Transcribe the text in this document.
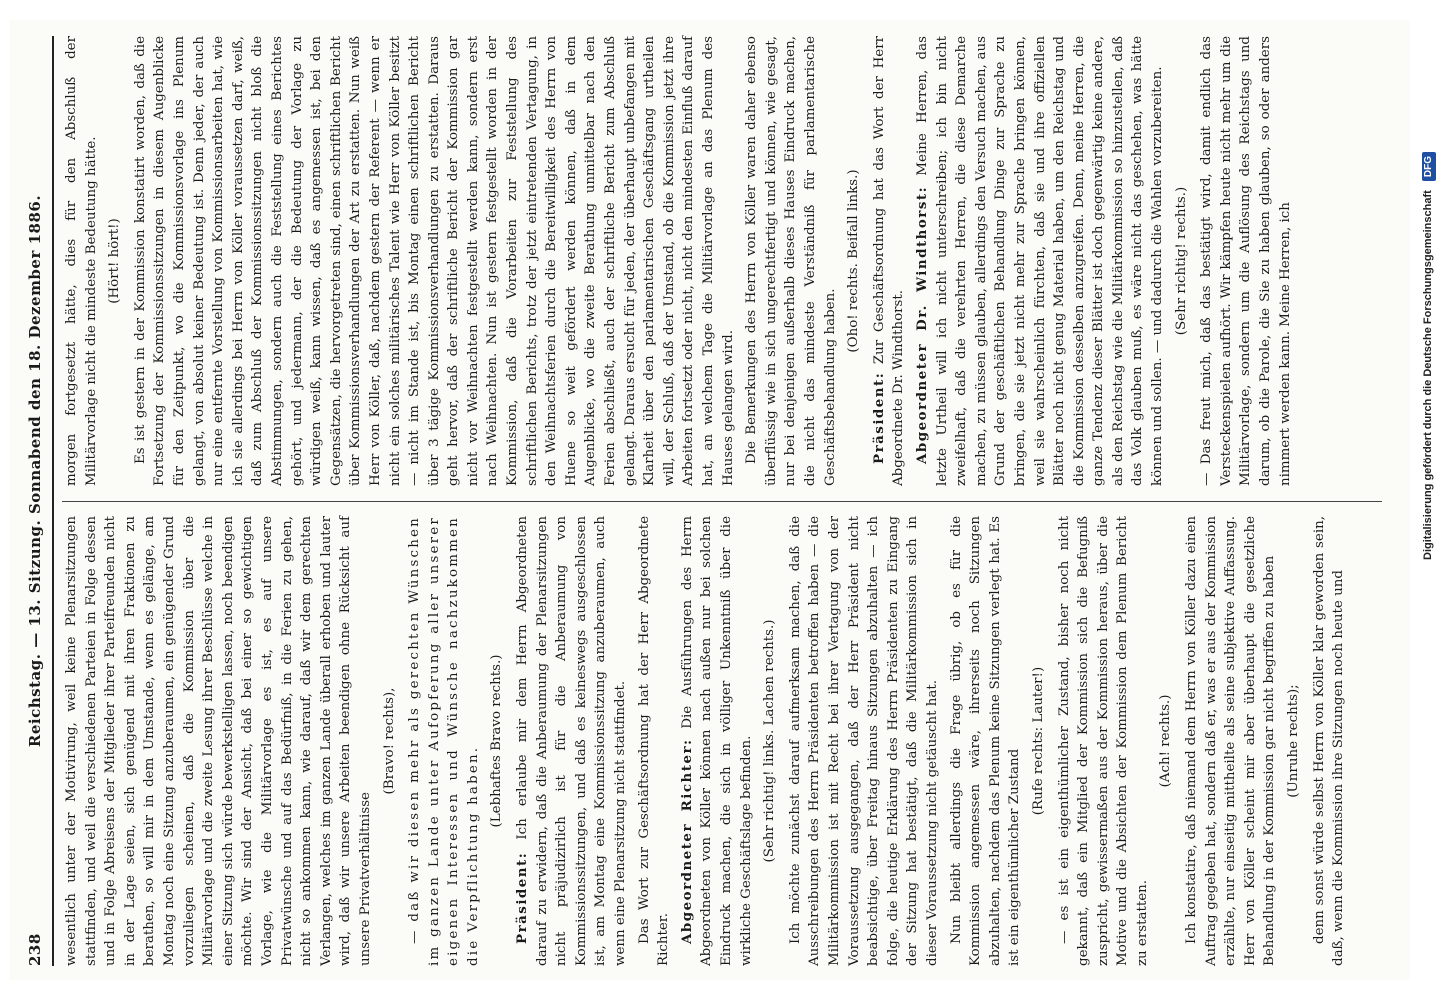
238
Reichstag. — 13. Sitzung. Sonnabend den 18. Dezember 1886. wesentlich unter der Motivirung, weil keine Plenarsitzungen stattfinden, und weil die verschiedenen Parteien in Folge dessen und in Folge Abreisens der Mitglieder ihrer Parteifreunden nicht in der Lage seien, sich genügend mit ihren Fraktionen zu berathen, so will mir in dem Umstande, wenn es gelänge, am Montag noch eine Sitzung anzuberaumen, ein genügender Grund vorzuliegen scheinen, daß die Kommission über die Militärvorlage und die zweite Lesung ihrer Beschlüsse welche in einer Sitzung sich würde bewerkstelligen lassen, noch beendigen möchte. Wir sind der Ansicht, daß bei einer so gewichtigen Vorlage, wie die Militärvorlage es ist, es auf unsere Privatwünsche und auf das Bedürfniß, in die Ferien zu gehen, nicht so ankommen kann, wie darauf, daß wir dem gerechten Verlangen, welches im ganzen Lande überall erhoben und lauter wird, daß wir unsere Arbeiten beendigen ohne Rücksicht auf unsere Privatverhältnisse

(Bravo! rechts), — daß wir diesen mehr als gerechten Wünschen im ganzen Lande unter Aufopferung aller unserer eigenen Interessen und Wünsche nachzukommen die Verpflichtung haben.

(Lebhaftes Bravo rechts.)

Präsident: Ich erlaube mir dem Herrn Abgeordneten darauf zu erwidern, daß die Anberaumung der Plenarsitzungen nicht präjudizirlich ist für die Anberaumung von Kommissionssitzungen, und daß es keineswegs ausgeschlossen ist, am Montag eine Kommissionssitzung anzuberaumen, auch wenn eine Plenarsitzung nicht stattfindet. Das Wort zur Geschäftsordnung hat der Herr Abgeordnete Richter. Abgeordneter Richter: Die Ausführungen des Herrn Abgeordneten von Köller können nach außen nur bei solchen Eindruck machen, die sich in völliger Unkenntniß über die wirkliche Geschäftslage befinden. (Sehr richtig! links. Lachen rechts.) Ich möchte zunächst darauf aufmerksam machen, daß die Ausschreibungen des Herrn Präsidenten betroffen haben — die Militärkommission ist mit Recht bei ihrer Vertagung von der Voraussetzung ausgegangen, daß der Herr Präsident nicht beabsichtige, über Freitag hinaus Sitzungen abzuhalten — ich folge, die heutige Erklärung des Herrn Präsidenten zu Eingang der Sitzung hat bestätigt, daß die Militärkommission sich in dieser Voraussetzung nicht getäuscht hat. Nun bleibt allerdings die Frage übrig, ob es für die Kommission angemessen wäre, ihrerseits noch Sitzungen abzuhalten, nachdem das Plenum keine Sitzungen verlegt hat. Es ist ein eigenthümlicher Zustand

(Rufe rechts: Lauter!) — es ist ein eigenthümlicher Zustand, bisher noch nicht gekannt, daß ein Mitglied der Kommission sich die Befugniß zuspricht, gewissermaßen aus der Kommission heraus, über die Motive und die Absichten der Kommission dem Plenum Bericht zu erstatten.

(Ach! rechts.) Ich konstatire, daß niemand dem Herrn von Köller dazu einen Auftrag gegeben hat, sondern daß er, was er aus der Kommission erzählte, nur einseitig mittheilte als seine subjektive Auffassung. Herr von Köller scheint mir aber überhaupt die gesetzliche Behandlung in der Kommission gar nicht begriffen zu haben (Unruhe rechts); denn sonst würde selbst Herrn von Köller klar geworden sein, daß, wenn die Kommission ihre Sitzungen noch heute und

morgen fortgesetzt hätte, dies für den Abschluß der Militärvorlage nicht die mindeste Bedeutung hätte. (Hört! hört!) Es ist gestern in der Kommission konstatirt worden, daß die Fortsetzung der Kommissionssitzungen in diesem Augenblicke für den Zeitpunkt, wo die Kommissionsvorlage ins Plenum gelangt, von absolut keiner Bedeutung ist. Denn jeder, der auch nur eine entfernte Vorstellung von Kommissionsarbeiten hat, wie ich sie allerdings bei Herrn von Köller voraussetzen darf, weiß, daß zum Abschluß der Kommissionssitzungen nicht bloß die Abstimmungen, sondern auch die Feststellung eines Berichtes gehört, und jedermann, der die Bedeutung der Vorlage zu würdigen weiß, kann wissen, daß es angemessen ist, bei den Gegensätzen, die hervorgetreten sind, einen schriftlichen Bericht über Kommissionsverhandlungen der Art zu erstatten. Nun weiß Herr von Köller, daß, nachdem gestern der Referent — wenn er nicht ein solches militärisches Talent wie Herr von Köller besitzt — nicht im Stande ist, bis Montag einen schriftlichen Bericht über 3 tägige Kommissionsverhandlungen zu erstatten. Daraus geht hervor, daß der schriftliche Bericht der Kommission gar nicht vor Weihnachten festgestellt werden kann, sondern erst nach Weihnachten. Nun ist gestern festgestellt worden in der Kommission, daß die Vorarbeiten zur Feststellung des schriftlichen Berichts, trotz der jetzt eintretenden Vertagung, in den Weihnachtsferien durch die Bereitwilligkeit des Herrn von Huene so weit gefördert werden können, daß in dem Augenblicke, wo die zweite Berathung unmittelbar nach den Ferien abschließt, auch der schriftliche Bericht zum Abschluß gelangt. Daraus ersucht für jeden, der überhaupt unbefangen mit Klarheit über den parlamentarischen Geschäftsgang urtheilen will, der Schluß, daß der Umstand, ob die Kommission jetzt ihre Arbeiten fortsetzt oder nicht, nicht den mindesten Einfluß darauf hat, an welchem Tage die Militärvorlage an das Plenum des Hauses gelangen wird. Die Bemerkungen des Herrn von Köller waren daher ebenso überflüssig wie in sich ungerechtfertigt und können, wie gesagt, nur bei denjenigen außerhalb dieses Hauses Eindruck machen, die nicht das mindeste Verständniß für parlamentarische Geschäftsbehandlung haben.

(Oho! rechts. Beifall links.)

Präsident: Zur Geschäftsordnung hat das Wort der Herr Abgeordnete Dr. Windthorst. Abgeordneter Dr. Windthorst: Meine Herren, das letzte Urtheil will ich nicht unterschreiben; ich bin nicht zweifelhaft, daß die verehrten Herren, die diese Demarche machen, zu müssen glauben, allerdings den Versuch machen, aus Grund der geschäftlichen Behandlung Dinge zur Sprache zu bringen, die sie jetzt nicht mehr zur Sprache bringen können, weil sie wahrscheinlich fürchten, daß sie und ihre offiziellen Blätter noch nicht genug Material haben, um den Reichstag und die Kommission desselben anzugreifen. Denn, meine Herren, die ganze Tendenz dieser Blätter ist doch gegenwärtig keine andere, als den Reichstag wie die Militärkommission so hinzustellen, daß das Volk glauben muß, es wäre nicht das geschehen, was hätte können und sollen. — und dadurch die Wahlen vorzubereiten. (Sehr richtig! rechts.) — Das freut mich, daß das bestätigt wird, damit endlich das Versteckenspielen aufhört. Wir kämpfen heute nicht mehr um die Militärvorlage, sondern um die Auflösung des Reichstags und darum, ob die Parole, die Sie zu haben glauben, so oder anders nimmert werden kann. Meine Herren, ich	Digitalisierung gefördert durch die Deutsche Forschungsgemeinschaft DFG
